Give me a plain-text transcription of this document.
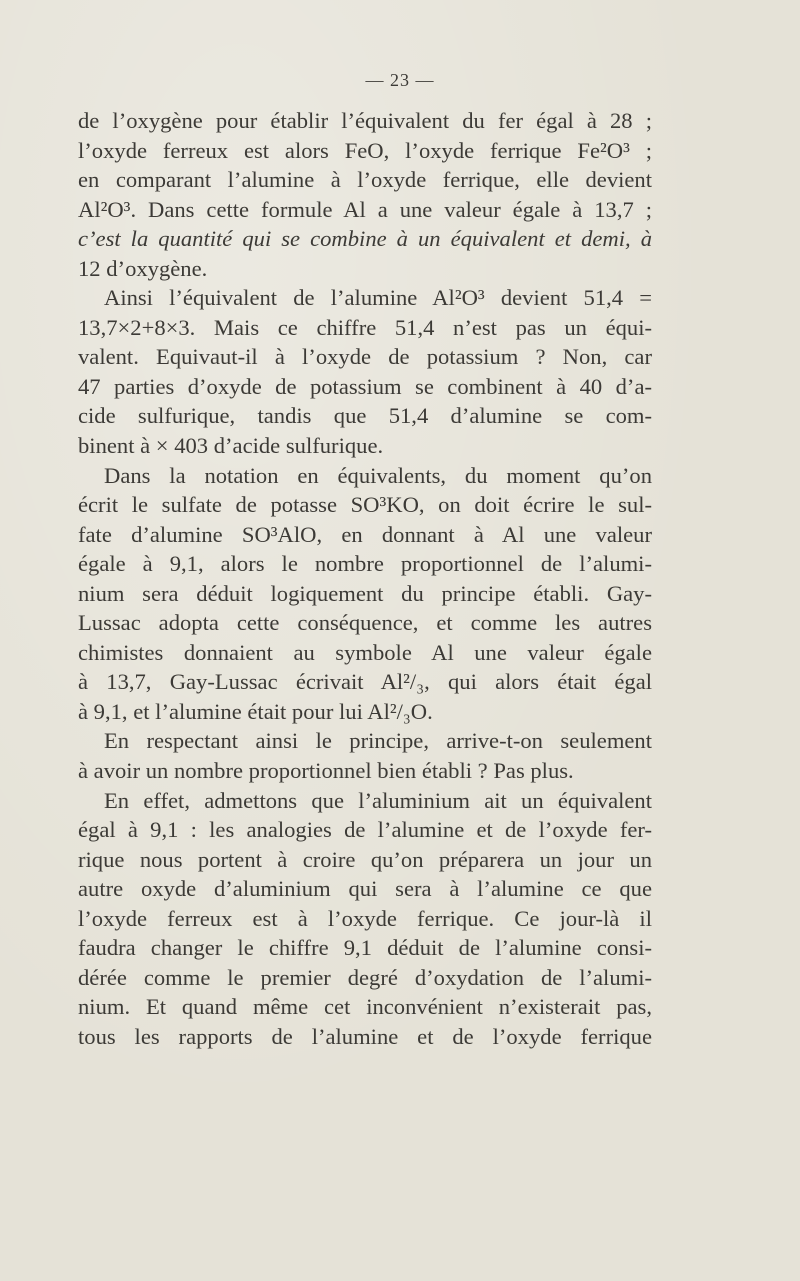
— 23 —
de l’oxygène pour établir l’équivalent du fer égal à 28 ;
l’oxyde ferreux est alors FeO, l’oxyde ferrique Fe²O³ ;
en comparant l’alumine à l’oxyde ferrique, elle devient
Al²O³. Dans cette formule Al a une valeur égale à 13,7 ;
c’est la quantité qui se combine à un équivalent et demi, à
12 d’oxygène.
Ainsi l’équivalent de l’alumine Al²O³ devient 51,4 =
13,7×2+8×3. Mais ce chiffre 51,4 n’est pas un équi-
valent. Equivaut-il à l’oxyde de potassium ? Non, car
47 parties d’oxyde de potassium se combinent à 40 d’a-
cide sulfurique, tandis que 51,4 d’alumine se com-
binent à × 403 d’acide sulfurique.
Dans la notation en équivalents, du moment qu’on
écrit le sulfate de potasse SO³KO, on doit écrire le sul-
fate d’alumine SO³AlO, en donnant à Al une valeur
égale à 9,1, alors le nombre proportionnel de l’alumi-
nium sera déduit logiquement du principe établi. Gay-
Lussac adopta cette conséquence, et comme les autres
chimistes donnaient au symbole Al une valeur égale
à 13,7, Gay-Lussac écrivait Al²/₃, qui alors était égal
à 9,1, et l’alumine était pour lui Al²/₃O.
En respectant ainsi le principe, arrive-t-on seulement
à avoir un nombre proportionnel bien établi ? Pas plus.
En effet, admettons que l’aluminium ait un équivalent
égal à 9,1 : les analogies de l’alumine et de l’oxyde fer-
rique nous portent à croire qu’on préparera un jour un
autre oxyde d’aluminium qui sera à l’alumine ce que
l’oxyde ferreux est à l’oxyde ferrique. Ce jour-là il
faudra changer le chiffre 9,1 déduit de l’alumine consi-
dérée comme le premier degré d’oxydation de l’alumi-
nium. Et quand même cet inconvénient n’existerait pas,
tous les rapports de l’alumine et de l’oxyde ferrique
